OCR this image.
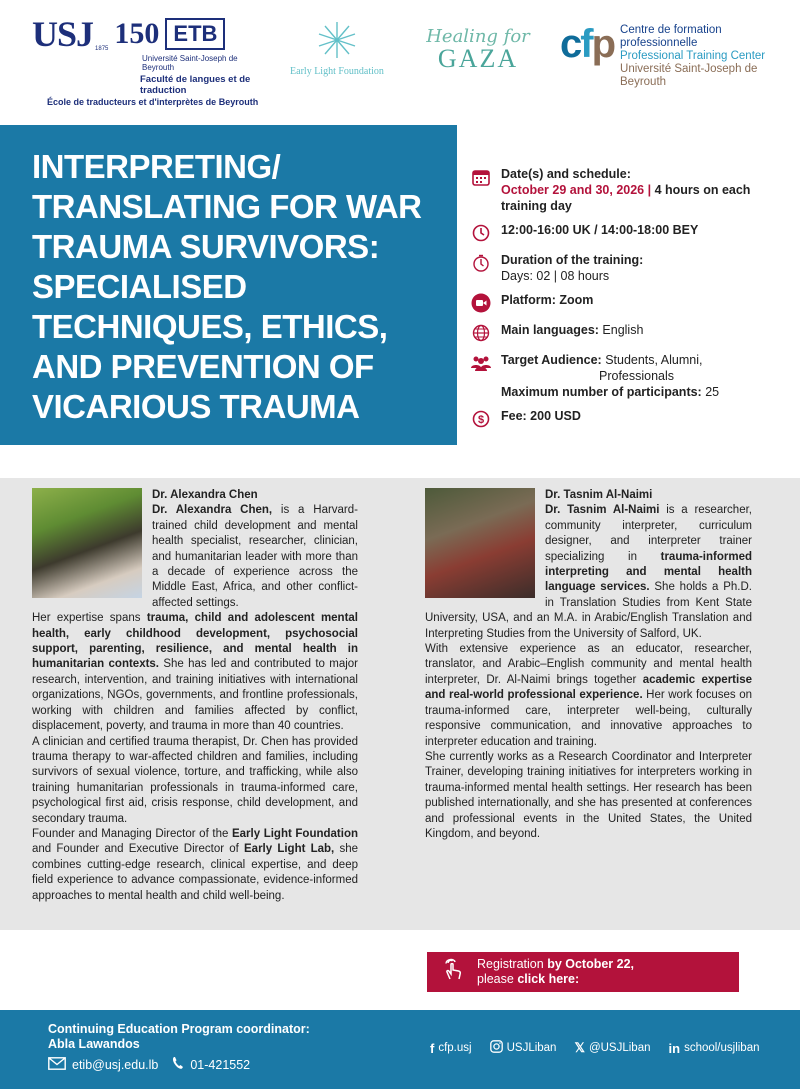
USJ 1875 150 ETB
Université Saint-Joseph de Beyrouth
Faculté de langues et de traduction
École de traducteurs et d'interprètes de Beyrouth
Early Light Foundation
Healing for
GAZA	cfp Centre de formation
professionnelle
Professional Training Center
Université Saint-Joseph de Beyrouth
INTERPRETING/ TRANSLATING FOR WAR TRAUMA SURVIVORS: SPECIALISED TECHNIQUES, ETHICS, AND PREVENTION OF VICARIOUS TRAUMA
Date(s) and schedule:
October 29 and 30, 2026 | 4 hours on each training day
12:00-16:00 UK / 14:00-18:00 BEY
Duration of the training:
Days: 02 | 08 hours
Platform: Zoom
Main languages: English
Target Audience: Students, Alumni,
Professionals
Maximum number of participants: 25
$ Fee: 200 USD
Dr. Alexandra Chen

Dr. Alexandra Chen, is a Harvard-trained child development and mental health specialist, researcher, clinician, and humanitarian leader with more than a decade of experience across the Middle East, Africa, and other conflict-affected settings.

Her expertise spans trauma, child and adolescent mental health, early childhood development, psychosocial support, parenting, resilience, and mental health in humanitarian contexts. She has led and contributed to major research, intervention, and training initiatives with international organizations, NGOs, governments, and frontline professionals, working with children and families affected by conflict, displacement, poverty, and trauma in more than 40 countries.

A clinician and certified trauma therapist, Dr. Chen has provided trauma therapy to war-affected children and families, including survivors of sexual violence, torture, and trafficking, while also training humanitarian professionals in trauma-informed care, psychological first aid, crisis response, child development, and secondary trauma.

Founder and Managing Director of the Early Light Foundation and Founder and Executive Director of Early Light Lab, she combines cutting-edge research, clinical expertise, and deep field experience to advance compassionate, evidence-informed approaches to mental health and child well-being.

Dr. Tasnim Al-Naimi

Dr. Tasnim Al-Naimi is a researcher, community interpreter, curriculum designer, and interpreter trainer specializing in trauma-informed interpreting and mental health language services. She holds a Ph.D. in Translation Studies from Kent State University, USA, and an M.A. in Arabic/English Translation and Interpreting Studies from the University of Salford, UK.

With extensive experience as an educator, researcher, translator, and Arabic–English community and mental health interpreter, Dr. Al-Naimi brings together academic expertise and real-world professional experience. Her work focuses on trauma-informed care, interpreter well-being, culturally responsive communication, and innovative approaches to interpreter education and training.

She currently works as a Research Coordinator and Interpreter Trainer, developing training initiatives for interpreters working in trauma-informed mental health settings. Her research has been published internationally, and she has presented at conferences and professional events in the United States, the United Kingdom, and beyond.

Registration by October 22,
please click here:
Continuing Education Program coordinator:
Abla Lawandos
etib@usj.edu.lb	01-421552
f cfp.usj	USJLiban 𝕏 @USJLiban in school/usjliban
